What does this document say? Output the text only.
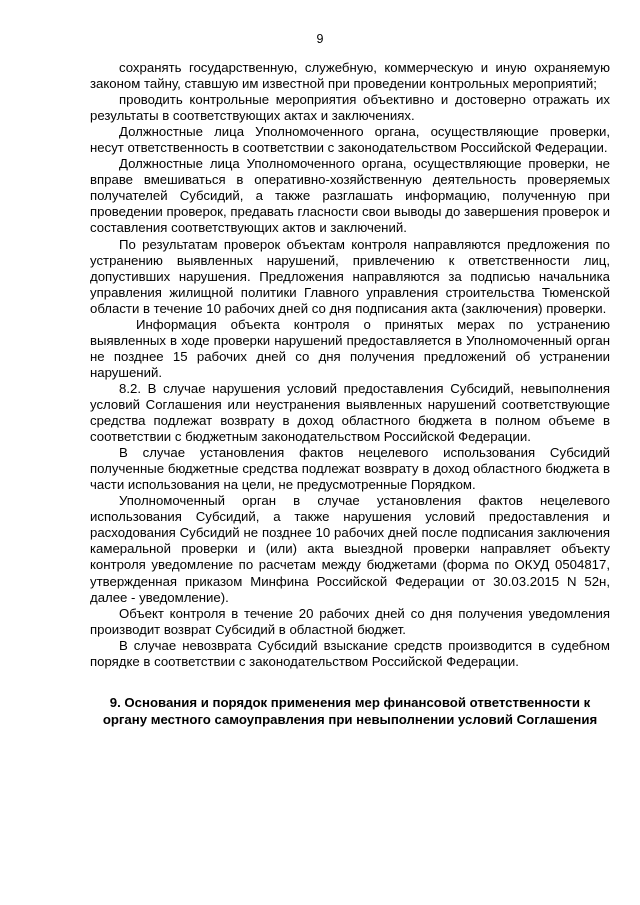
9

сохранять государственную, служебную, коммерческую и иную охраняемую законом тайну, ставшую им известной при проведении контрольных мероприятий;

проводить контрольные мероприятия объективно и достоверно отражать их результаты в соответствующих актах и заключениях.

Должностные лица Уполномоченного органа, осуществляющие проверки, несут ответственность в соответствии с законодательством Российской Федерации.

Должностные лица Уполномоченного органа, осуществляющие проверки, не вправе вмешиваться в оперативно-хозяйственную деятельность проверяемых получателей Субсидий, а также разглашать информацию, полученную при проведении проверок, предавать гласности свои выводы до завершения проверок и составления соответствующих актов и заключений.

По результатам проверок объектам контроля направляются предложения по устранению выявленных нарушений, привлечению к ответственности лиц, допустивших нарушения. Предложения направляются за подписью начальника управления жилищной политики Главного управления строительства Тюменской области в течение 10 рабочих дней со дня подписания акта (заключения) проверки.

Информация объекта контроля о принятых мерах по устранению выявленных в ходе проверки нарушений предоставляется в Уполномоченный орган не позднее 15 рабочих дней со дня получения предложений об устранении нарушений.

8.2. В случае нарушения условий предоставления Субсидий, невыполнения условий Соглашения или неустранения выявленных нарушений соответствующие средства подлежат возврату в доход областного бюджета в полном объеме в соответствии с бюджетным законодательством Российской Федерации.

В случае установления фактов нецелевого использования Субсидий полученные бюджетные средства подлежат возврату в доход областного бюджета в части использования на цели, не предусмотренные Порядком.

Уполномоченный орган в случае установления фактов нецелевого использования Субсидий, а также нарушения условий предоставления и расходования Субсидий не позднее 10 рабочих дней после подписания заключения камеральной проверки и (или) акта выездной проверки направляет объекту контроля уведомление по расчетам между бюджетами (форма по ОКУД 0504817, утвержденная приказом Минфина Российской Федерации от 30.03.2015 N 52н, далее - уведомление).

Объект контроля в течение 20 рабочих дней со дня получения уведомления производит возврат Субсидий в областной бюджет.

В случае невозврата Субсидий взыскание средств производится в судебном порядке в соответствии с законодательством Российской Федерации.

9. Основания и порядок применения мер финансовой ответственности к органу местного самоуправления при невыполнении условий Соглашения
